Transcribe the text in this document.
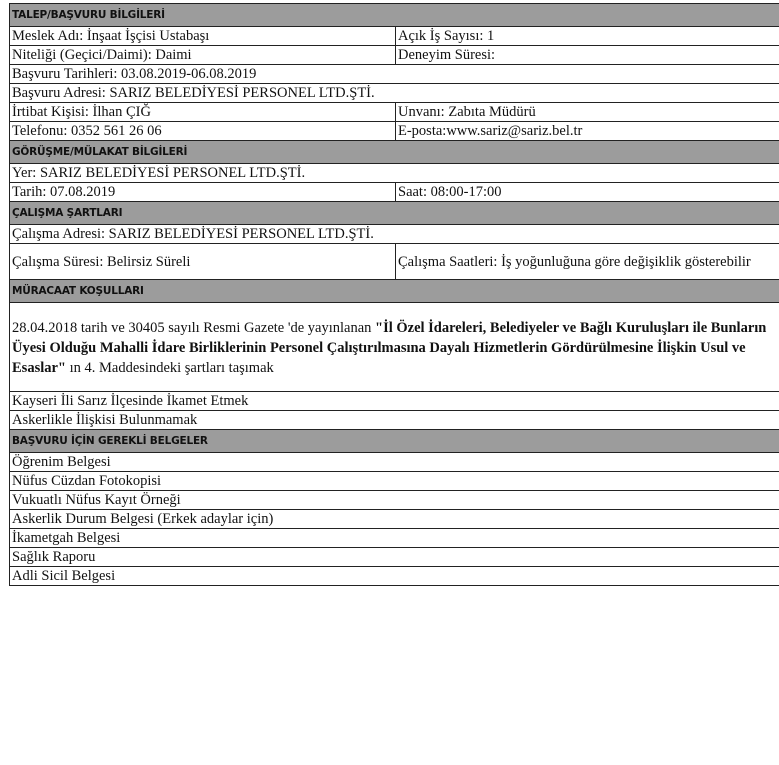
TALEP/BAŞVURU BİLGİLERİ	
Meslek Adı: İnşaat İşçisi Ustabaşı	Açık İş Sayısı: 1
Niteliği (Geçici/Daimi): Daimi	Deneyim Süresi:
Başvuru Tarihleri: 03.08.2019-06.08.2019	
Başvuru Adresi: SARIZ BELEDİYESİ PERSONEL LTD.ŞTİ.	
İrtibat Kişisi: İlhan ÇIĞ	Unvanı: Zabıta Müdürü
Telefonu: 0352 561 26 06	E-posta:www.sariz@sariz.bel.tr
GÖRÜŞME/MÜLAKAT BİLGİLERİ	
Yer: SARIZ BELEDİYESİ PERSONEL LTD.ŞTİ.	
Tarih: 07.08.2019	Saat: 08:00-17:00
ÇALIŞMA ŞARTLARI	
Çalışma Adresi: SARIZ BELEDİYESİ PERSONEL LTD.ŞTİ.	
Çalışma Süresi: Belirsiz Süreli	Çalışma Saatleri: İş yoğunluğuna göre değişiklik gösterebilir
MÜRACAAT KOŞULLARI	
28.04.2018 tarih ve 30405 sayılı Resmi Gazete 'de yayınlanan "İl Özel İdareleri, Belediyeler ve Bağlı Kuruluşları ile Bunların Üyesi Olduğu Mahalli İdare Birliklerinin Personel Çalıştırılmasına Dayalı Hizmetlerin Gördürülmesine İlişkin Usul ve Esaslar" ın 4. Maddesindeki şartları taşımak	
Kayseri İli Sarız İlçesinde İkamet Etmek	
Askerlikle İlişkisi Bulunmamak	
BAŞVURU İÇİN GEREKLİ BELGELER	
Öğrenim Belgesi	
Nüfus Cüzdan Fotokopisi	
Vukuatlı Nüfus Kayıt Örneği	
Askerlik Durum Belgesi (Erkek adaylar için)	
İkametgah Belgesi	
Sağlık Raporu	
Adli Sicil Belgesi	
